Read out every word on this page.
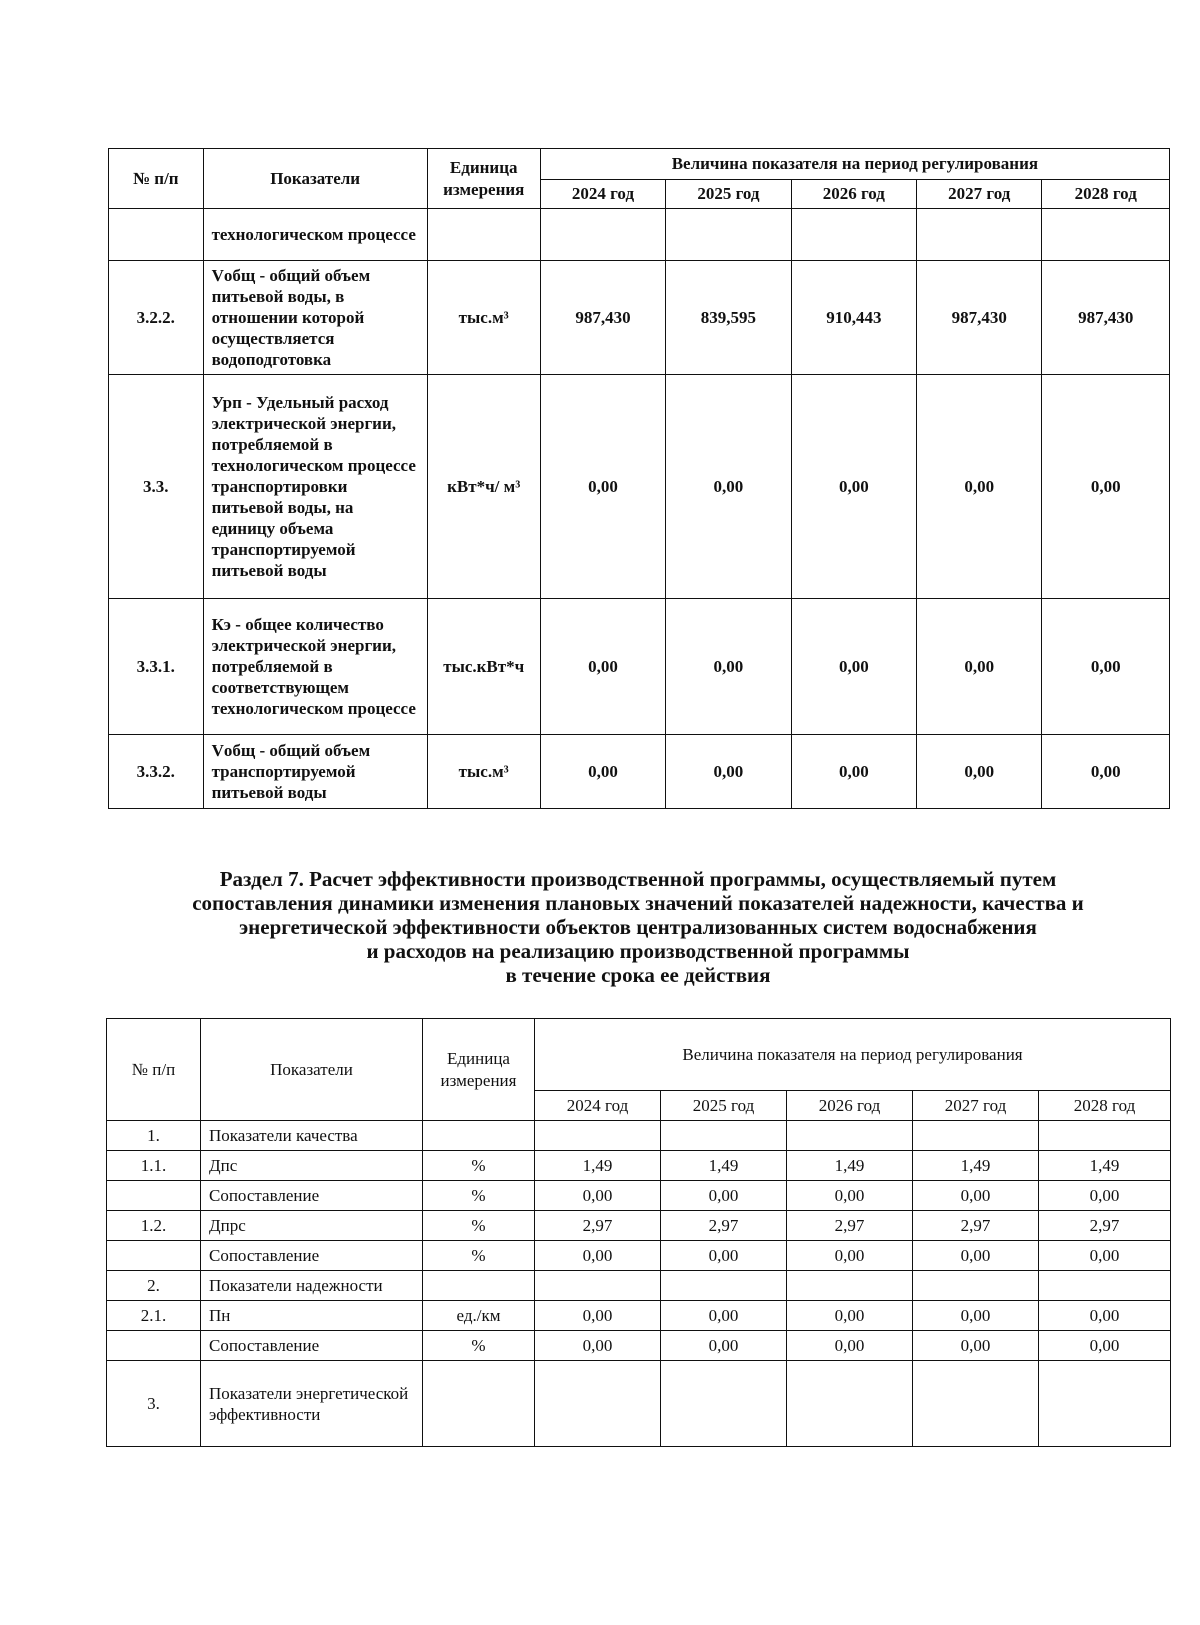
№ п/п	Показатели	Единица измерения	Величина показателя на период регулирования				
			2024 год	2025 год	2026 год	2027 год	2028 год
	технологическом процессе						
3.2.2.	Vобщ - общий объем питьевой воды, в отношении которой осуществляется водоподготовка	тыс.м³	987,430	839,595	910,443	987,430	987,430
3.3.	Урп - Удельный расход электрической энергии, потребляемой в технологическом процессе транспортировки питьевой воды, на единицу объема транспортируемой питьевой воды	кВт*ч/ м³	0,00	0,00	0,00	0,00	0,00
3.3.1.	Кэ - общее количество электрической энергии, потребляемой в соответствующем технологическом процессе	тыс.кВт*ч	0,00	0,00	0,00	0,00	0,00
3.3.2.	Vобщ - общий объем транспортируемой питьевой воды	тыс.м³	0,00	0,00	0,00	0,00	0,00
Раздел 7. Расчет эффективности производственной программы, осуществляемый путем
сопоставления динамики изменения плановых значений показателей надежности, качества и
энергетической эффективности объектов централизованных систем водоснабжения
и расходов на реализацию производственной программы
в течение срока ее действия
№ п/п	Показатели	Единица измерения	Величина показателя на период регулирования				
			2024 год	2025 год	2026 год	2027 год	2028 год
1.	Показатели качества						
1.1.	Дпс	%	1,49	1,49	1,49	1,49	1,49
	Сопоставление	%	0,00	0,00	0,00	0,00	0,00
1.2.	Дпрс	%	2,97	2,97	2,97	2,97	2,97
	Сопоставление	%	0,00	0,00	0,00	0,00	0,00
2.	Показатели надежности						
2.1.	Пн	ед./км	0,00	0,00	0,00	0,00	0,00
	Сопоставление	%	0,00	0,00	0,00	0,00	0,00
3.	Показатели энергетической эффективности						
